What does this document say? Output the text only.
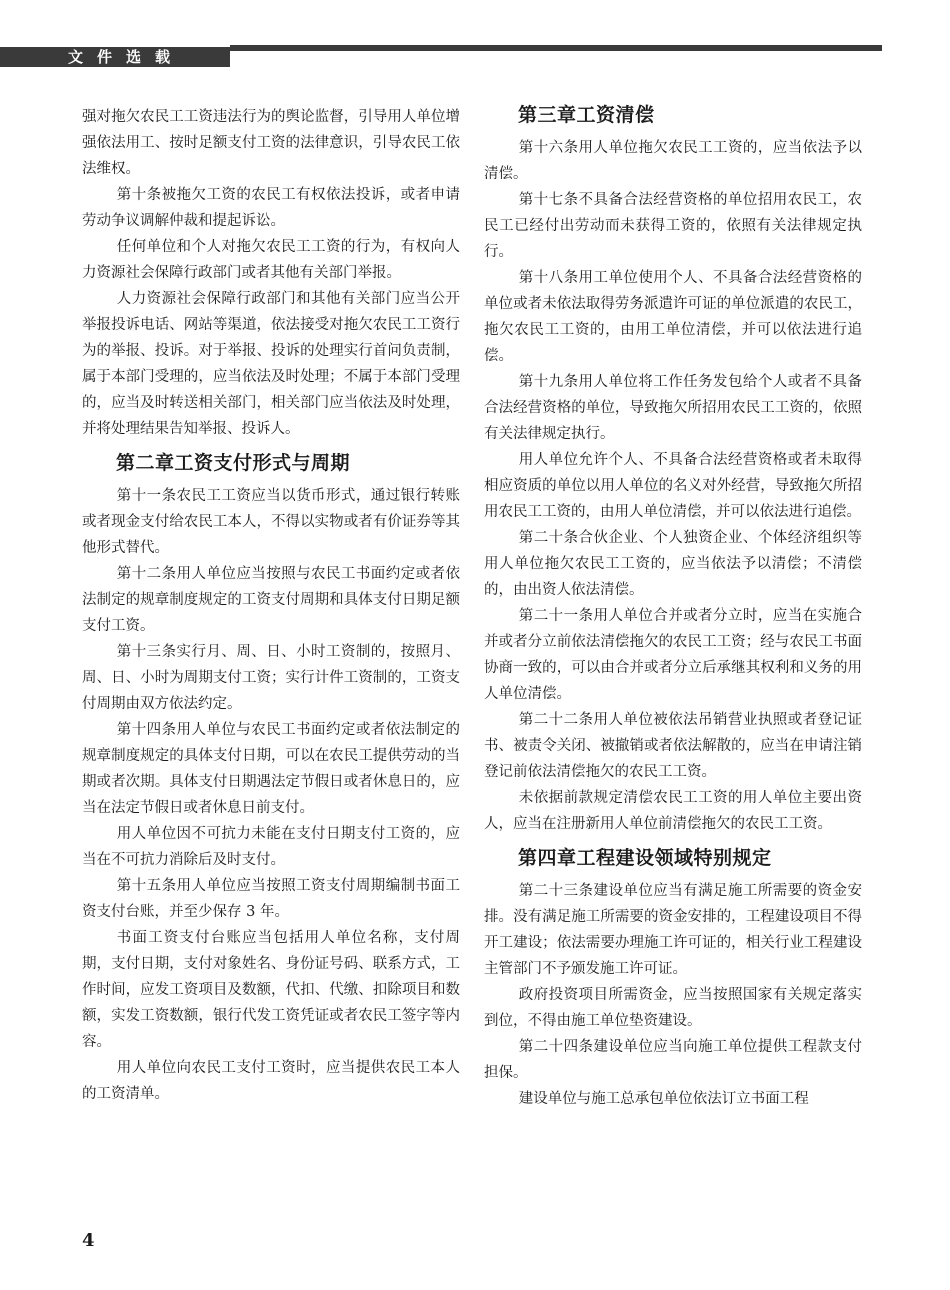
文件选载

强对拖欠农民工工资违法行为的舆论监督，引导用人单位增强依法用工、按时足额支付工资的法律意识，引导农民工依法维权。

第十条被拖欠工资的农民工有权依法投诉，或者申请劳动争议调解仲裁和提起诉讼。

任何单位和个人对拖欠农民工工资的行为，有权向人力资源社会保障行政部门或者其他有关部门举报。

人力资源社会保障行政部门和其他有关部门应当公开举报投诉电话、网站等渠道，依法接受对拖欠农民工工资行为的举报、投诉。对于举报、投诉的处理实行首问负责制，属于本部门受理的，应当依法及时处理；不属于本部门受理的，应当及时转送相关部门，相关部门应当依法及时处理，并将处理结果告知举报、投诉人。

第二章工资支付形式与周期

第十一条农民工工资应当以货币形式，通过银行转账或者现金支付给农民工本人，不得以实物或者有价证券等其他形式替代。

第十二条用人单位应当按照与农民工书面约定或者依法制定的规章制度规定的工资支付周期和具体支付日期足额支付工资。

第十三条实行月、周、日、小时工资制的，按照月、周、日、小时为周期支付工资；实行计件工资制的，工资支付周期由双方依法约定。

第十四条用人单位与农民工书面约定或者依法制定的规章制度规定的具体支付日期，可以在农民工提供劳动的当期或者次期。具体支付日期遇法定节假日或者休息日的，应当在法定节假日或者休息日前支付。

用人单位因不可抗力未能在支付日期支付工资的，应当在不可抗力消除后及时支付。

第十五条用人单位应当按照工资支付周期编制书面工资支付台账，并至少保存 3 年。

书面工资支付台账应当包括用人单位名称，支付周期，支付日期，支付对象姓名、身份证号码、联系方式，工作时间，应发工资项目及数额，代扣、代缴、扣除项目和数额，实发工资数额，银行代发工资凭证或者农民工签字等内容。

用人单位向农民工支付工资时，应当提供农民工本人的工资清单。

第三章工资清偿

第十六条用人单位拖欠农民工工资的，应当依法予以清偿。

第十七条不具备合法经营资格的单位招用农民工，农民工已经付出劳动而未获得工资的，依照有关法律规定执行。

第十八条用工单位使用个人、不具备合法经营资格的单位或者未依法取得劳务派遣许可证的单位派遣的农民工，拖欠农民工工资的，由用工单位清偿，并可以依法进行追偿。

第十九条用人单位将工作任务发包给个人或者不具备合法经营资格的单位，导致拖欠所招用农民工工资的，依照有关法律规定执行。

用人单位允许个人、不具备合法经营资格或者未取得相应资质的单位以用人单位的名义对外经营，导致拖欠所招用农民工工资的，由用人单位清偿，并可以依法进行追偿。

第二十条合伙企业、个人独资企业、个体经济组织等用人单位拖欠农民工工资的，应当依法予以清偿；不清偿的，由出资人依法清偿。

第二十一条用人单位合并或者分立时，应当在实施合并或者分立前依法清偿拖欠的农民工工资；经与农民工书面协商一致的，可以由合并或者分立后承继其权利和义务的用人单位清偿。

第二十二条用人单位被依法吊销营业执照或者登记证书、被责令关闭、被撤销或者依法解散的，应当在申请注销登记前依法清偿拖欠的农民工工资。

未依据前款规定清偿农民工工资的用人单位主要出资人，应当在注册新用人单位前清偿拖欠的农民工工资。

第四章工程建设领域特别规定

第二十三条建设单位应当有满足施工所需要的资金安排。没有满足施工所需要的资金安排的，工程建设项目不得开工建设；依法需要办理施工许可证的，相关行业工程建设主管部门不予颁发施工许可证。

政府投资项目所需资金，应当按照国家有关规定落实到位，不得由施工单位垫资建设。

第二十四条建设单位应当向施工单位提供工程款支付担保。

建设单位与施工总承包单位依法订立书面工程

4
